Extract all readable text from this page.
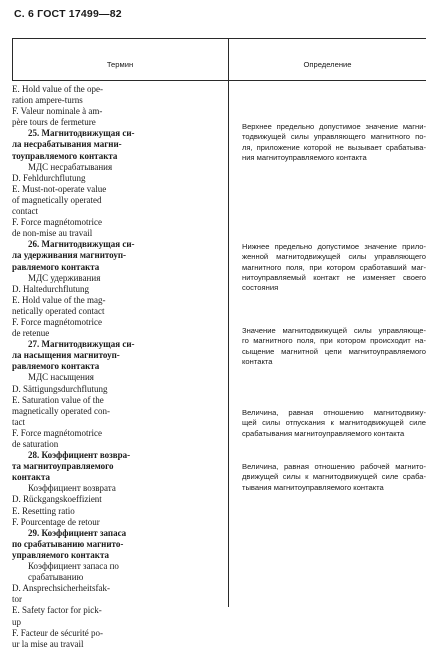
С. 6 ГОСТ 17499—82
Термин	Определение
E. Hold value of the ope-
ration ampere-turns
F. Valeur nominale à am-
père tours de fermeture
25. Магнитодвижущая си-
ла несрабатывания магни-
тоуправляемого контакта
МДС несрабатывания
D. Fehldurchflutung
E. Must-not-operate value
of magnetically operated
contact
F. Force magnétomotrice
de non-mise au travail
26. Магнитодвижущая си-
ла удерживания магнитоуп-
равляемого контакта
МДС удерживания
D. Haltedurchflutung
E. Hold value of the mag-
netically operated contact
F. Force magnétomotrice
de retenue
27. Магнитодвижущая си-
ла насыщения магнитоуп-
равляемого контакта
МДС насыщения
D. Sättigungsdurchflutung
E. Saturation value of the
magnetically operated con-
tact
F. Force magnétomotrice
de saturation
28. Коэффициент возвра-
та магнитоуправляемого
контакта
Коэффициент возврата
D. Rückgangskoeffizient
E. Resetting ratio
F. Pourcentage de retour
29. Коэффициент запаса
по срабатыванию магнито-
управляемого контакта
Коэффициент запаса по
срабатыванию
D. Ansprechsicherheitsfak-
tor
E. Safety factor for pick-
up
F. Facteur de sécurité po-
ur la mise au travail
Верхнее предельно допустимое значение магни-
тодвижущей силы управляющего магнитного по-
ля, приложение которой не вызывает срабатыва-
ния магнитоуправляемого контакта
Нижнее предельно допустимое значение прило-
женной магнитодвижущей силы управляющего
магнитного поля, при котором сработавший маг-
нитоуправляемый контакт не изменяет своего
состояния
Значение магнитодвижущей силы управляюще-
го магнитного поля, при котором происходит на-
сыщение магнитной цепи магнитоуправляемого
контакта
Величина, равная отношению магнитодвижу-
щей силы отпускания к магнитодвижущей силе
срабатывания магнитоуправляемого контакта
Величина, равная отношению рабочей магнито-
движущей силы к магнитодвижущей силе сраба-
тывания магнитоуправляемого контакта
